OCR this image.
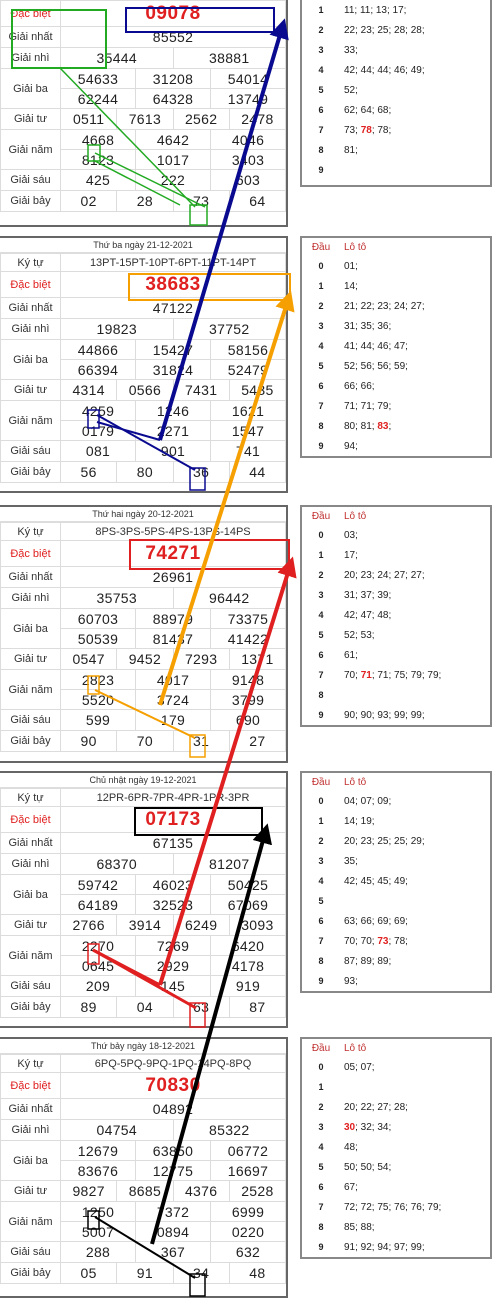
Đặc biệt	09078					
Giải nhất	85552					
Giải nhì	35444			38881		
Giải ba	54633		31208		54014	
	62244		64328		13749	
Giải tư	0511	7613		2562		2478
Giải năm	4668		4642		4046	
	8123		1017		3403	
Giải sáu	425		222		603	
Giải bảy	02	28		73		64
Thứ ba ngày 21-12-2021
Ký tự	13PT-15PT-10PT-6PT-11PT-14PT					
Đặc biệt	38683					
Giải nhất	47122					
Giải nhì	19823			37752		
Giải ba	44866		15427		58156	
	66394		31824		52479	
Giải tư	4314	0566		7431		5435
Giải năm	4259		1246		1621	
	0179		2271		1547	
Giải sáu	081		901		741	
Giải bảy	56	80		36		44
Thứ hai ngày 20-12-2021
Ký tự	8PS-3PS-5PS-4PS-13PS-14PS					
Đặc biệt	74271					
Giải nhất	26961					
Giải nhì	35753			96442		
Giải ba	60703		88979		73375	
	50539		81437		41422	
Giải tư	0547	9452		7293		1371
Giải năm	2823		4017		9148	
	5520		3724		3799	
Giải sáu	599		179		690	
Giải bảy	90	70		31		27
Chủ nhật ngày 19-12-2021
Ký tự	12PR-6PR-7PR-4PR-1PR-3PR					
Đặc biệt	07173					
Giải nhất	67135					
Giải nhì	68370			81207		
Giải ba	59742		46023		50425	
	64189		32523		67069	
Giải tư	2766	3914		6249		3093
Giải năm	2270		7269		6420	
	0645		2929		4178	
Giải sáu	209		145		919	
Giải bảy	89	04		63		87
Thứ bảy ngày 18-12-2021
Ký tự	6PQ-5PQ-9PQ-1PQ-14PQ-8PQ					
Đặc biệt	70830					
Giải nhất	04892					
Giải nhì	04754			85322		
Giải ba	12679		63850		06772	
	83676		12775		16697	
Giải tư	9827	8685		4376		2528
Giải năm	1250		7372		6999	
	5007		0894		0220	
Giải sáu	288		367		632	
Giải bảy	05	91		34		48
1	11; 11; 13; 17;
2	22; 23; 25; 28; 28;
3	33;
4	42; 44; 44; 46; 49;
5	52;
6	62; 64; 68;
7	73; 78; 78;
8	81;
9	
Đầu	Lô tô
0	01;
1	14;
2	21; 22; 23; 24; 27;
3	31; 35; 36;
4	41; 44; 46; 47;
5	52; 56; 56; 59;
6	66; 66;
7	71; 71; 79;
8	80; 81; 83;
9	94;
Đầu	Lô tô
0	03;
1	17;
2	20; 23; 24; 27; 27;
3	31; 37; 39;
4	42; 47; 48;
5	52; 53;
6	61;
7	70; 71; 71; 75; 79; 79;
8	
9	90; 90; 93; 99; 99;
Đầu	Lô tô
0	04; 07; 09;
1	14; 19;
2	20; 23; 25; 25; 29;
3	35;
4	42; 45; 45; 49;
5	
6	63; 66; 69; 69;
7	70; 70; 73; 78;
8	87; 89; 89;
9	93;
Đầu	Lô tô
0	05; 07;
1	
2	20; 22; 27; 28;
3	30; 32; 34;
4	48;
5	50; 50; 54;
6	67;
7	72; 72; 75; 76; 76; 79;
8	85; 88;
9	91; 92; 94; 97; 99;
